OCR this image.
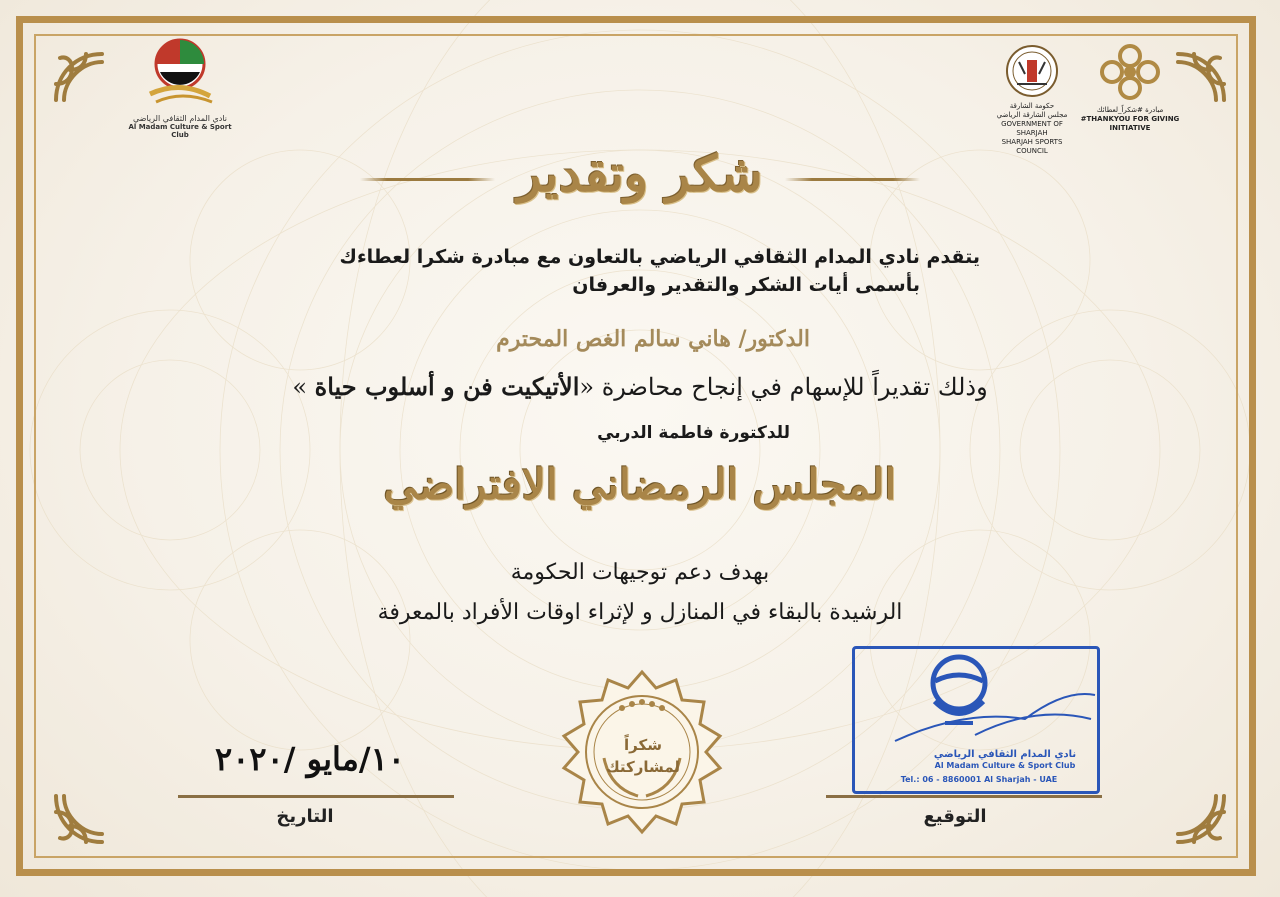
نادي المدام الثقافي الرياضي
Al Madam Culture & Sport Club
حكومة الشارقة
مجلس الشارقة الرياضي
GOVERNMENT OF SHARJAH
SHARJAH SPORTS COUNCIL
مبادرة #شكراً_لعطائك
#THANKYOU FOR GIVING INITIATIVE
شكر وتقدير
يتقدم نادي المدام الثقافي الرياضي بالتعاون مع مبادرة شكرا لعطاءك
بأسمى أيات الشكر والتقدير والعرفان
الدكتور/ هاني سالم الغص المحترم
وذلك تقديراً للإسهام في إنجاح محاضرة «الأتيكيت فن و أسلوب حياة »
للدكتورة فاطمة الدربي
المجلس الرمضاني الافتراضي
بهدف دعم توجيهات الحكومة
الرشيدة بالبقاء في المنازل و لإثراء اوقات الأفراد بالمعرفة
١٠/مايو /٢٠٢٠
التاريخ
شكراً
لمشاركتك
نادي المدام الثقافي الرياضي
Al Madam Culture & Sport Club
Tel.: 06 - 8860001 Al Sharjah - UAE
التوقيع
